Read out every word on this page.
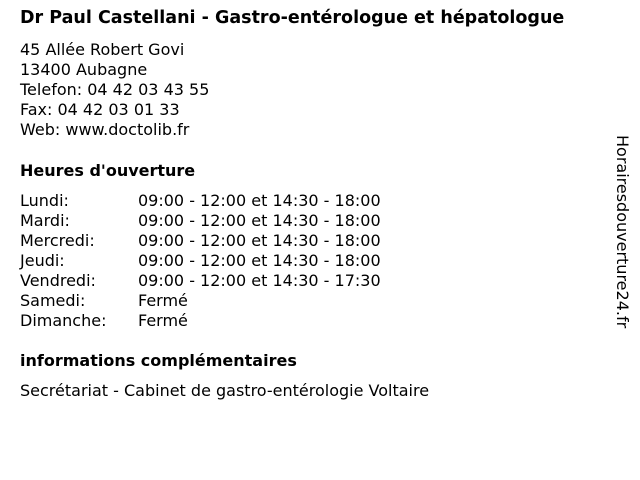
Dr Paul Castellani - Gastro-entérologue et hépatologue
45 Allée Robert Govi
13400 Aubagne
Telefon: 04 42 03 43 55
Fax: 04 42 03 01 33
Web: www.doctolib.fr
Heures d'ouverture
Lundi:	09:00 - 12:00 et 14:30 - 18:00
Mardi:	09:00 - 12:00 et 14:30 - 18:00
Mercredi:	09:00 - 12:00 et 14:30 - 18:00
Jeudi:	09:00 - 12:00 et 14:30 - 18:00
Vendredi:	09:00 - 12:00 et 14:30 - 17:30
Samedi:	Fermé
Dimanche: Fermé
informations complémentaires
Secrétariat - Cabinet de gastro-entérologie Voltaire
Horairesdouverture24.fr
